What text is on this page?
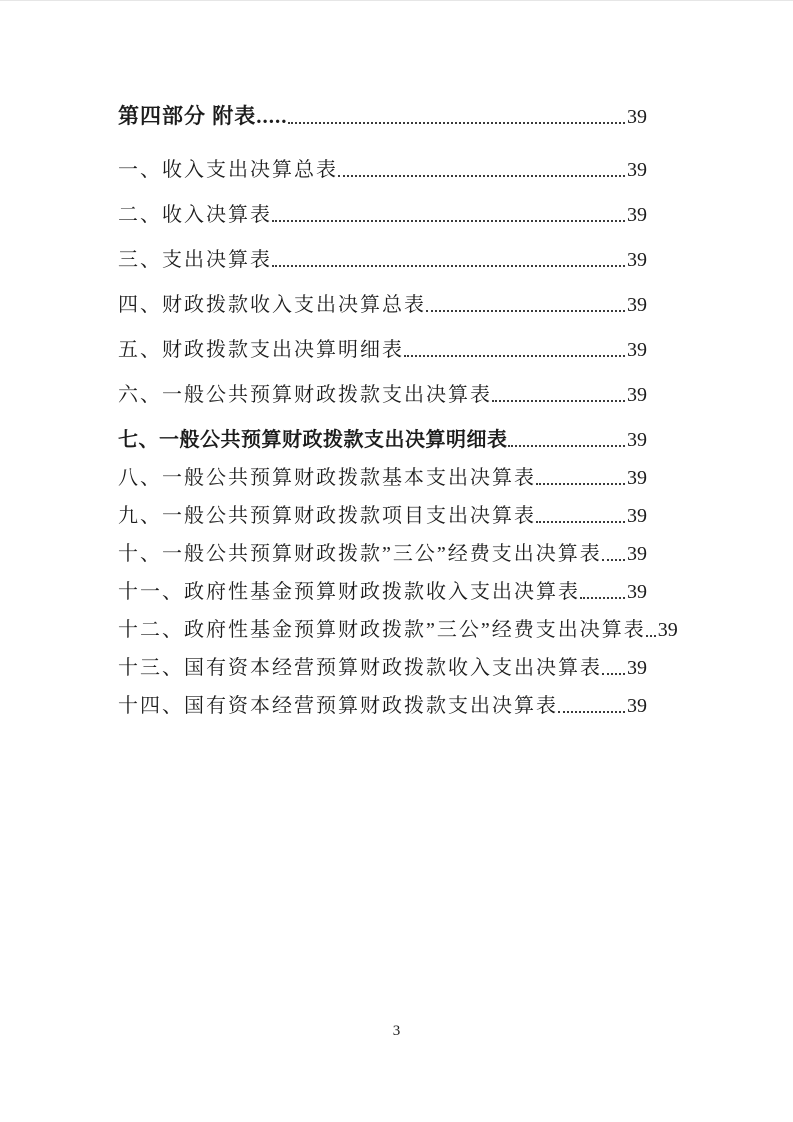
第四部分 附表.....	39
一、收入支出决算总表	39
二、收入决算表	39
三、支出决算表	39
四、财政拨款收入支出决算总表	39
五、财政拨款支出决算明细表	39
六、一般公共预算财政拨款支出决算表	39
七、一般公共预算财政拨款支出决算明细表	39
八、一般公共预算财政拨款基本支出决算表	39
九、一般公共预算财政拨款项目支出决算表	39
十、一般公共预算财政拨款”三公”经费支出决算表 39
十一、政府性基金预算财政拨款收入支出决算表 39
十二、政府性基金预算财政拨款”三公”经费支出决算表 39
十三、国有资本经营预算财政拨款收入支出决算表 39
十四、国有资本经营预算财政拨款支出决算表	39
3
